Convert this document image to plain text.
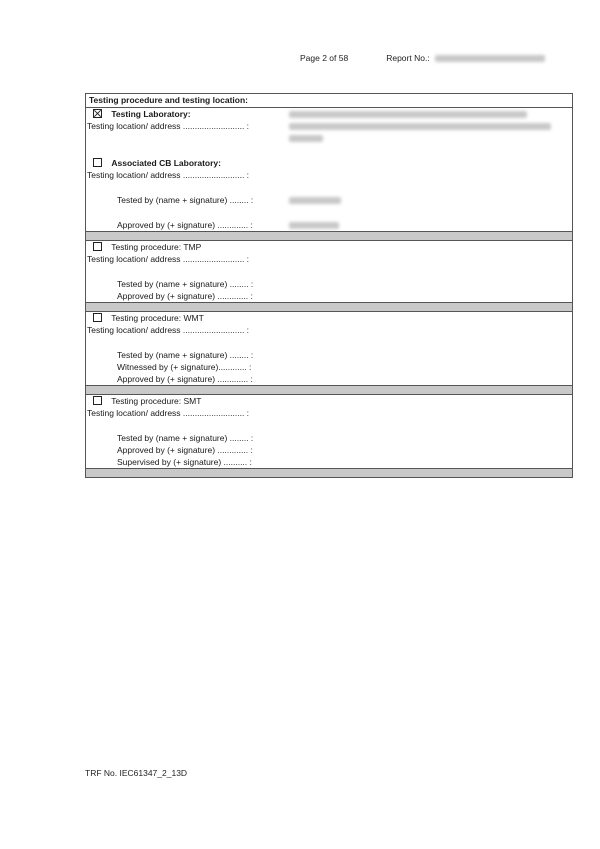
Page 2 of 58	Report No.:
Testing procedure and testing location:
Testing Laboratory:
Testing location/ address .......................... :
Associated CB Laboratory:
Testing location/ address .......................... :
Tested by (name + signature) ........ :
Approved by (+ signature) ............. :
Testing procedure: TMP
Testing location/ address .......................... :
Tested by (name + signature) ........ :
Approved by (+ signature) ............. :
Testing procedure: WMT
Testing location/ address .......................... :
Tested by (name + signature) ........ :
Witnessed by (+ signature)............ :
Approved by (+ signature) ............. :
Testing procedure: SMT
Testing location/ address .......................... :
Tested by (name + signature) ........ :
Approved by (+ signature) ............. :
Supervised by (+ signature) .......... :
TRF No. IEC61347_2_13D
